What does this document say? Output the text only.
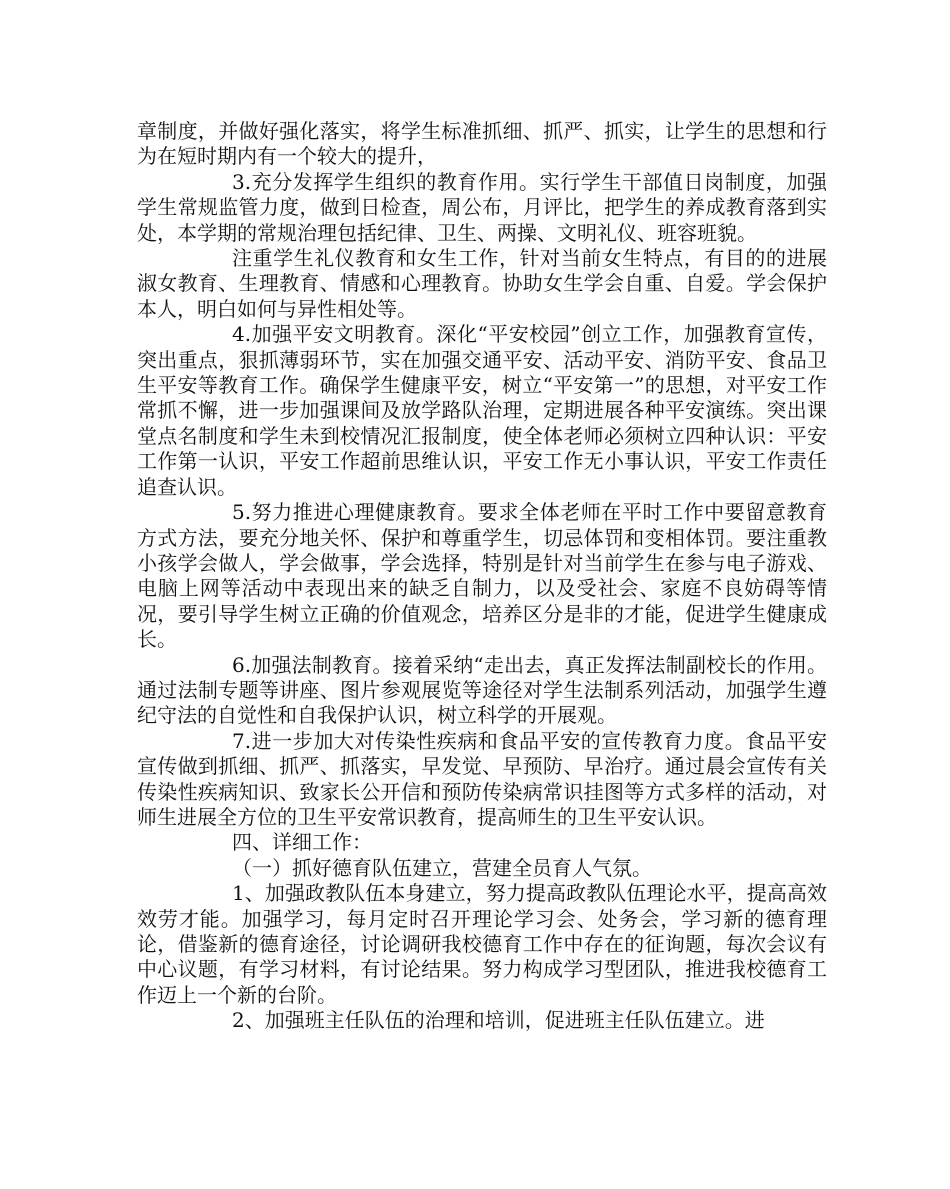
章制度，并做好强化落实，将学生标准抓细、抓严、抓实，让学生的思想和行为在短时期内有一个较大的提升，

3.充分发挥学生组织的教育作用。实行学生干部值日岗制度，加强学生常规监管力度，做到日检查，周公布，月评比，把学生的养成教育落到实处，本学期的常规治理包括纪律、卫生、两操、文明礼仪、班容班貌。

注重学生礼仪教育和女生工作，针对当前女生特点，有目的的进展淑女教育、生理教育、情感和心理教育。协助女生学会自重、自爱。学会保护本人，明白如何与异性相处等。

4.加强平安文明教育。深化“平安校园”创立工作，加强教育宣传，突出重点，狠抓薄弱环节，实在加强交通平安、活动平安、消防平安、食品卫生平安等教育工作。确保学生健康平安，树立“平安第一”的思想，对平安工作常抓不懈，进一步加强课间及放学路队治理，定期进展各种平安演练。突出课堂点名制度和学生未到校情况汇报制度，使全体老师必须树立四种认识：平安工作第一认识，平安工作超前思维认识，平安工作无小事认识，平安工作责任追查认识。

5.努力推进心理健康教育。要求全体老师在平时工作中要留意教育方式方法，要充分地关怀、保护和尊重学生，切忌体罚和变相体罚。要注重教小孩学会做人，学会做事，学会选择，特别是针对当前学生在参与电子游戏、电脑上网等活动中表现出来的缺乏自制力，以及受社会、家庭不良妨碍等情况，要引导学生树立正确的价值观念，培养区分是非的才能，促进学生健康成长。

6.加强法制教育。接着采纳“走出去，真正发挥法制副校长的作用。通过法制专题等讲座、图片参观展览等途径对学生法制系列活动，加强学生遵纪守法的自觉性和自我保护认识，树立科学的开展观。

7.进一步加大对传染性疾病和食品平安的宣传教育力度。食品平安宣传做到抓细、抓严、抓落实，早发觉、早预防、早治疗。通过晨会宣传有关传染性疾病知识、致家长公开信和预防传染病常识挂图等方式多样的活动，对师生进展全方位的卫生平安常识教育，提高师生的卫生平安认识。

四、详细工作：

（一）抓好德育队伍建立，营建全员育人气氛。

1、加强政教队伍本身建立，努力提高政教队伍理论水平，提高高效效劳才能。加强学习，每月定时召开理论学习会、处务会，学习新的德育理论，借鉴新的德育途径，讨论调研我校德育工作中存在的征询题，每次会议有中心议题，有学习材料，有讨论结果。努力构成学习型团队，推进我校德育工作迈上一个新的台阶。

2、加强班主任队伍的治理和培训，促进班主任队伍建立。进
